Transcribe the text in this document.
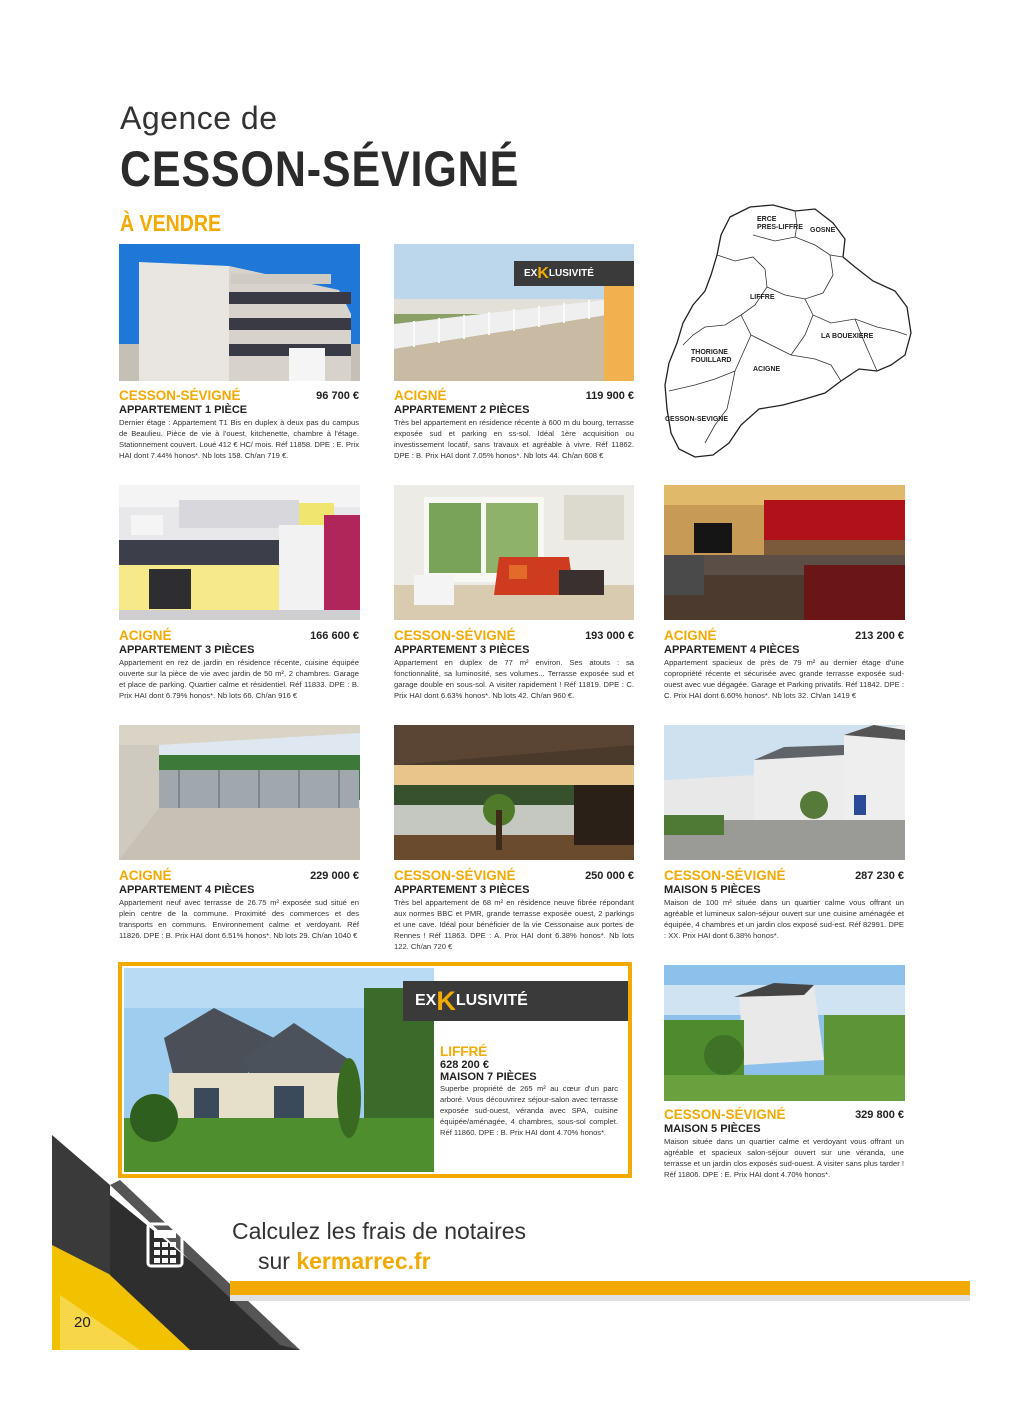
Agence de
CESSON-SÉVIGNÉ
À VENDRE	ERCE
PRES-LIFFRE GOSNE
LIFFRE
LA BOUEXIERE
THORIGNE
FOUILLARD
ACIGNE
CESSON-SEVIGNE
EX K LUSIVITÉ
CESSON-SÉVIGNÉ	96 700 €
APPARTEMENT 1 PIÈCE
Dernier étage : Appartement T1 Bis en duplex à deux pas du campus de Beaulieu. Pièce de vie à l'ouest, kitchenette, chambre à l'étage. Stationnement couvert. Loué 412 € HC/ mois. Réf 11858. DPE : E. Prix HAI dont 7.44% honos*. Nb lots 158. Ch/an 719 €.
ACIGNÉ	119 900 €
APPARTEMENT 2 PIÈCES
Très bel appartement en résidence récente à 600 m du bourg, terrasse exposée sud et parking en ss-sol. Idéal 1ère acquisition ou investissement locatif, sans travaux et agréable à vivre. Réf 11862. DPE : B. Prix HAI dont 7.05% honos*. Nb lots 44. Ch/an 608 €
ACIGNÉ	166 600 €
APPARTEMENT 3 PIÈCES
Appartement en rez de jardin en résidence récente, cuisine équipée ouverte sur la pièce de vie avec jardin de 50 m², 2 chambres. Garage et place de parking. Quartier calme et résidentiel. Réf 11833. DPE : B. Prix HAI dont 6.79% honos*. Nb lots 66. Ch/an 916 €
CESSON-SÉVIGNÉ	193 000 €
APPARTEMENT 3 PIÈCES
Appartement en duplex de 77 m² environ. Ses atouts : sa fonctionnalité, sa luminosité, ses volumes... Terrasse exposée sud et garage double en sous-sol. A visiter rapidement ! Réf 11819. DPE : C. Prix HAI dont 6.63% honos*. Nb lots 42. Ch/an 960 €.
ACIGNÉ	213 200 €
APPARTEMENT 4 PIÈCES
Appartement spacieux de près de 79 m² au dernier étage d'une copropriété récente et sécurisée avec grande terrasse exposée sud-ouest avec vue dégagée. Garage et Parking privatifs. Réf 11842. DPE : C. Prix HAI dont 6.60% honos*. Nb lots 32. Ch/an 1419 €
ACIGNÉ	229 000 €
APPARTEMENT 4 PIÈCES
Appartement neuf avec terrasse de 26.75 m² exposée sud situé en plein centre de la commune. Proximité des commerces et des transports en communs. Environnement calme et verdoyant. Réf 11826. DPE : B. Prix HAI dont 6.51% honos*. Nb lots 29. Ch/an 1040 €
CESSON-SÉVIGNÉ	250 000 €
APPARTEMENT 3 PIÈCES
Très bel appartement de 68 m² en résidence neuve fibrée répondant aux normes BBC et PMR, grande terrasse exposée ouest, 2 parkings et une cave. Idéal pour bénéficier de la vie Cessonaise aux portes de Rennes ! Réf 11863. DPE : A. Prix HAI dont 6.38% honos*. Nb lots 122. Ch/an 720 €
CESSON-SÉVIGNÉ	287 230 €
MAISON 5 PIÈCES
Maison de 100 m² située dans un quartier calme vous offrant un agréable et lumineux salon-séjour ouvert sur une cuisine aménagée et équipée, 4 chambres et un jardin clos exposé sud-est. Réf 82991. DPE : XX. Prix HAI dont 6.38% honos*.
CESSON-SÉVIGNÉ	329 800 €
MAISON 5 PIÈCES
Maison située dans un quartier calme et verdoyant vous offrant un agréable et spacieux salon-séjour ouvert sur une véranda, une terrasse et un jardin clos exposés sud-ouest. A visiter sans plus tarder ! Réf 11806. DPE : E. Prix HAI dont 4.70% honos*.
EX K LUSIVITÉ
LIFFRÉ
628 200 €
MAISON 7 PIÈCES
Superbe propriété de 265 m² au cœur d'un parc arboré. Vous découvrirez séjour-salon avec terrasse exposée sud-ouest, véranda avec SPA, cuisine équipée/aménagée, 4 chambres, sous-sol complet. Réf 11860. DPE : B. Prix HAI dont 4.70% honos*.
Calculez les frais de notaires
sur kermarrec.fr
20
